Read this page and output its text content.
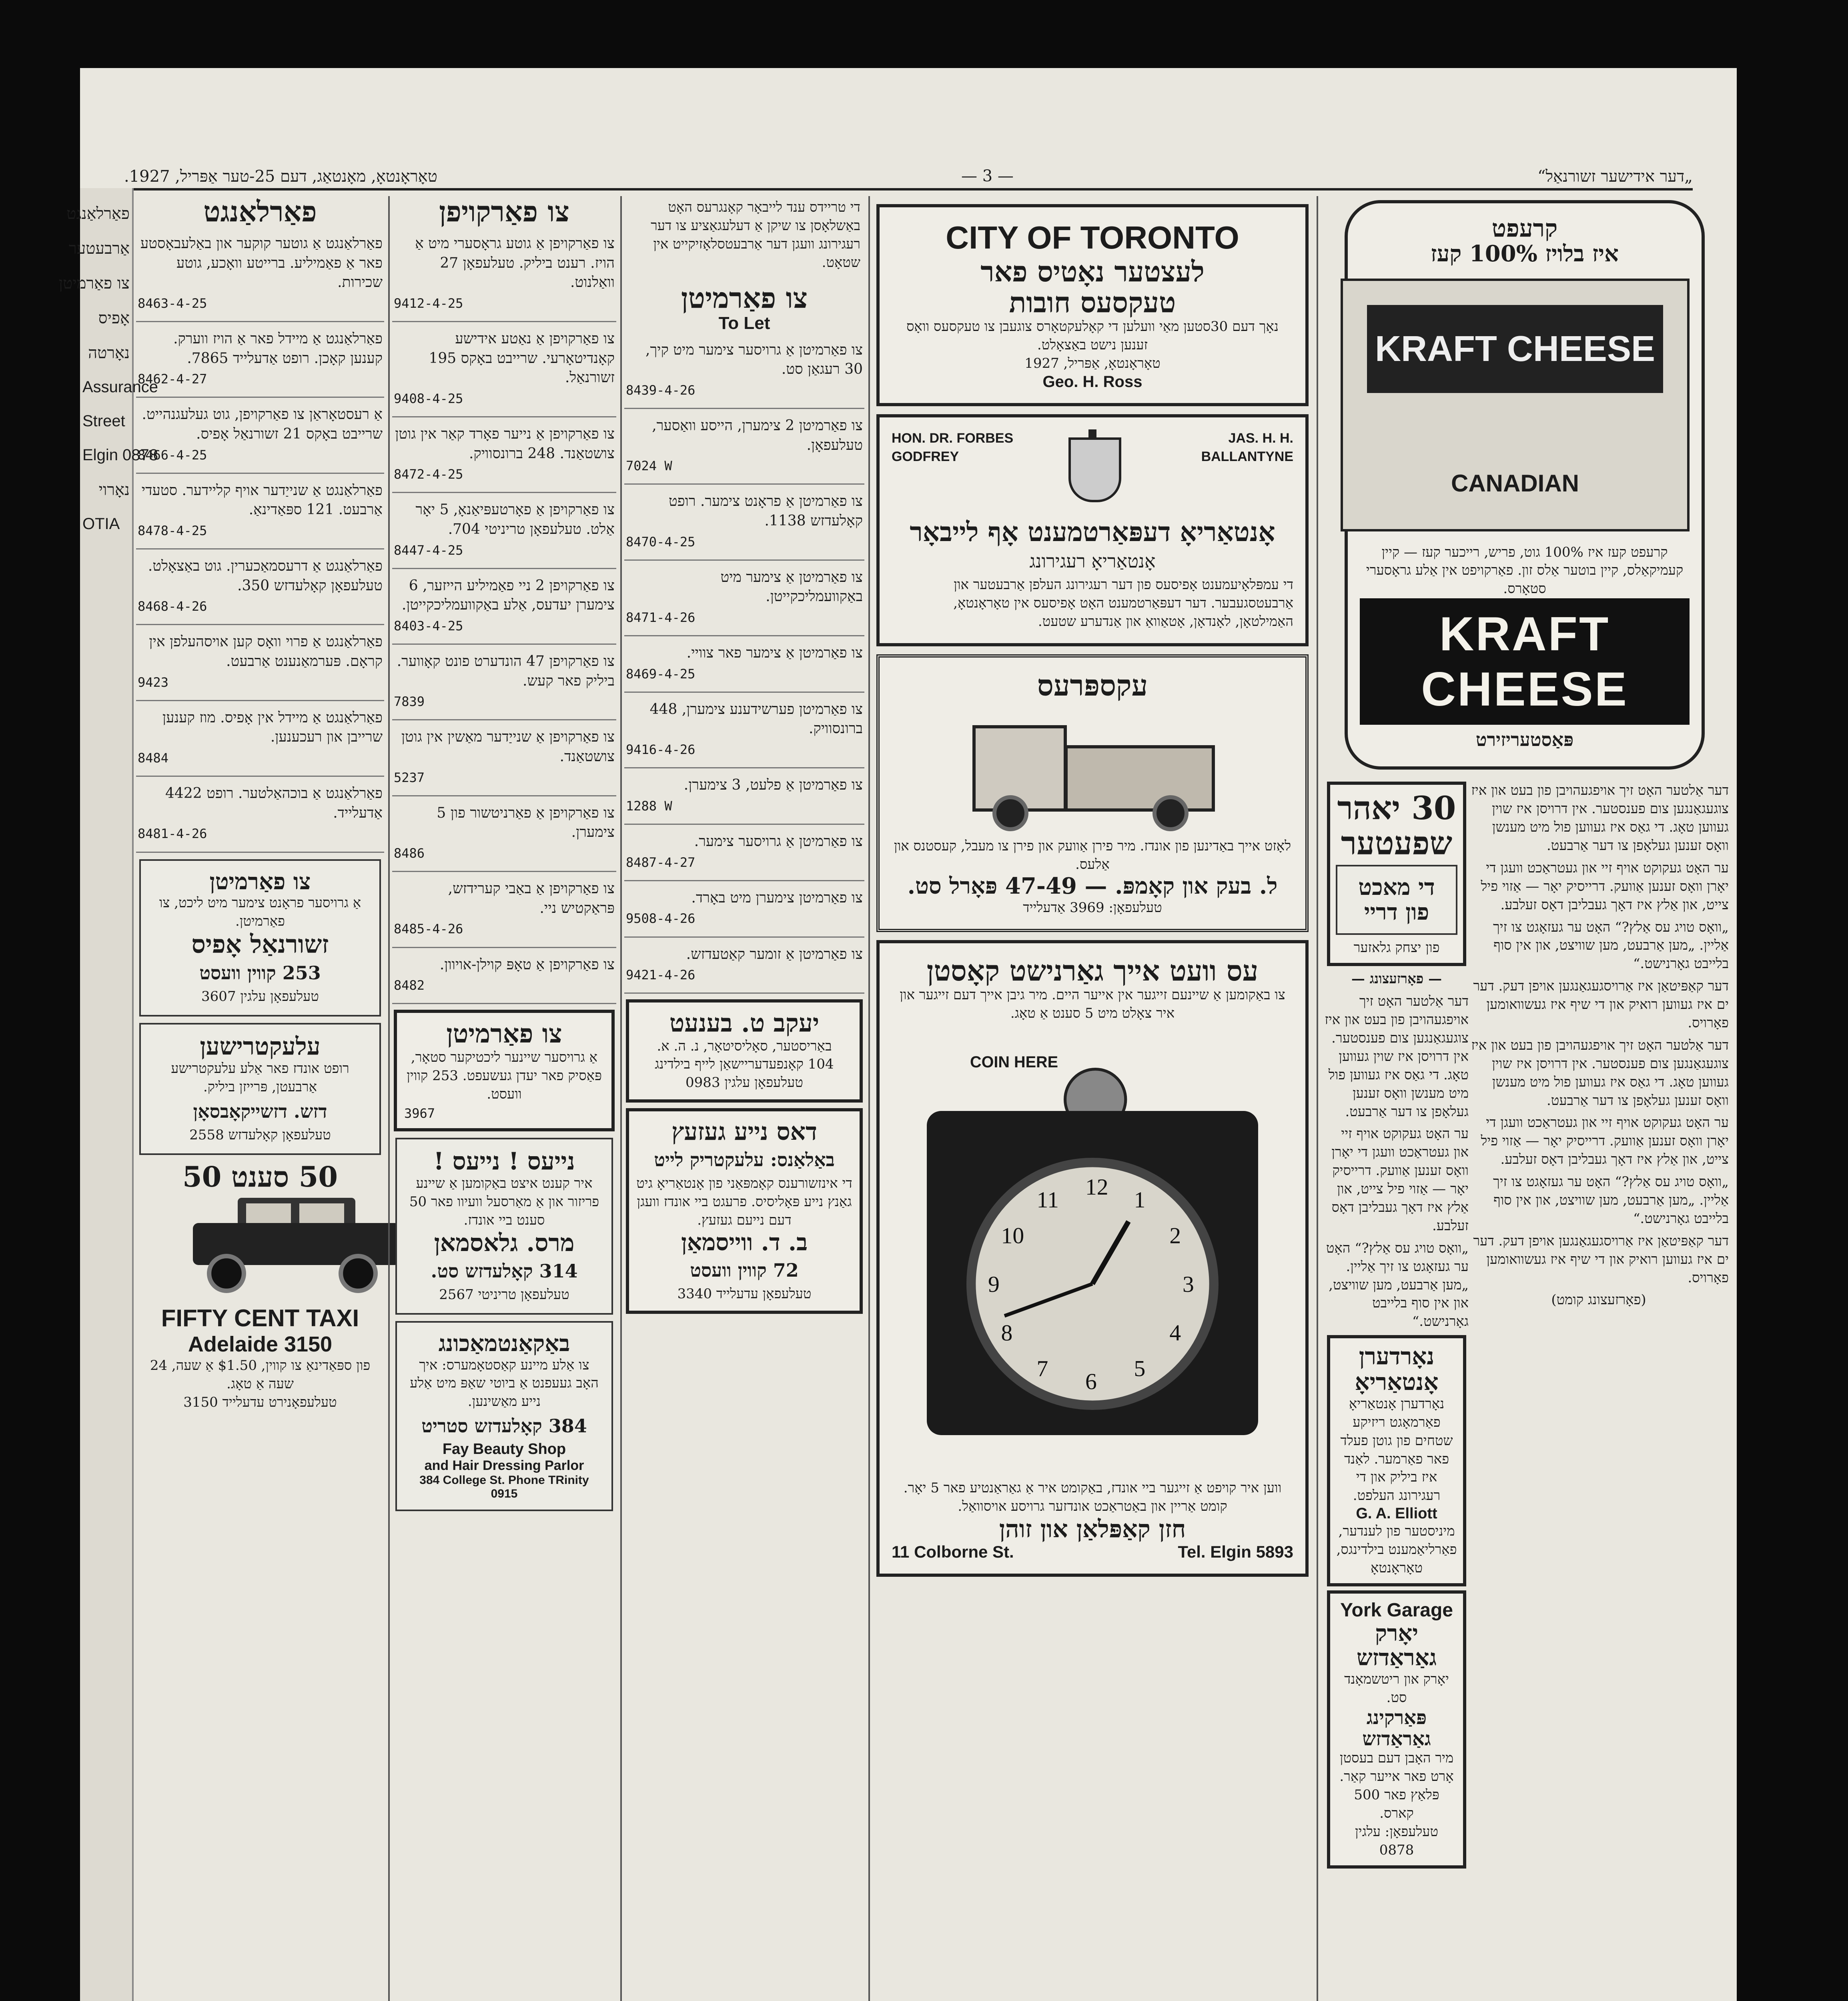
„דער אידישער זשורנאַל“
— 3 —
טאָראָנטאָ, מאָנטאַג, דעם 25-טער אַפּריל, 1927.
פאַרלאַנגט
אַרבעטער
צו פאַרמיטן
אָפיס
נאָרטה
Assurance
Street
Elgin 0878
נאָרוי
OTIA
פאַרלאַנגט
פאַרלאַנגט אַ גוטער קוקער און באַלעבאָסטע פאר אַ פאַמיליע. ברייטע וואָכע, גוטע שכירות.
8463-4-25
פאַרלאַנגט אַ מיידל פאר אַ הויז ווערק. קענען קאָכן. רופט אַדעלייד 7865.
8462-4-27
אַ רעסטאָראַן צו פאַרקויפן, גוט געלעגנהייט. שרייבט באָקס 21 זשורנאַל אָפיס.
8466-4-25
פאַרלאַנגט אַ שנייַדער אויף קליידער. סטעדי אַרבעט. 121 ספּאַדינאַ.
8478-4-25
פאַרלאַנגט אַ דרעסמאַכערין. גוט באַצאָלט. טעלעפאָן קאָלעדזש 350.
8468-4-26
פאַרלאַנגט אַ פרוי וואָס קען אויסהעלפן אין קראָם. פּערמאַנענט אַרבעט.
9423
פאַרלאַנגט אַ מיידל אין אָפיס. מוז קענען שרייבן און רעכענען.
8484
פאַרלאַנגט אַ בוכהאַלטער. רופט 4422 אַדעלייד.
8481-4-26
צו פאַרמיטן
אַ גרויסער פראָנט צימער מיט ליכט, צו פאַרמיטן.
זשורנאַל אָפיס
253 קווין וועסט
טעלעפאָן עלגין 3607
עלעקטרישען
רופט אונדז פאר אַלע עלעקטרישע אַרבעטן, פּרייזן ביליק.
דזש. דזשייקאָבסאָן
טעלעפאָן קאָלעדזש 2558
50 סענט 50
FIFTY CENT TAXI
Adelaide 3150
פון ספּאַדינאַ צו קווין, $1.50 אַ שעה, 24 שעה אַ טאָג.
טעלעפאָנירט עדעלייד 3150
צו פאַרקויפן
צו פאַרקויפן אַ גוטע גראָסערי מיט אַ הויז. רענט ביליק. טעלעפאָן 27 וואַלנוט.
9412-4-25
צו פאַרקויפן אַ נאַטע אידישע קאָנדיטאָרעי. שרייבט באָקס 195 זשורנאַל.
9408-4-25
צו פאַרקויפן אַ נייער פאָרד קאַר אין גוטן צושטאַנד. 248 ברונסוויק.
8472-4-25
צו פאַרקויפן אַ פאָרטעפּיאַנאָ, 5 יאָר אַלט. טעלעפאָן טריניטי 704.
8447-4-25
צו פאַרקויפן 2 ניי פאַמיליע הייזער, 6 צימערן יעדעס, אַלע באַקוועמליכקייטן.
8403-4-25
צו פאַרקויפן 47 הונדערט פונט קאָווער. ביליק פאר קעש.
7839
צו פאַרקויפן אַ שנייַדער מאַשין אין גוטן צושטאַנד.
5237
צו פאַרקויפן אַ פאַרניטשור פון 5 צימערן.
8486
צו פאַרקויפן אַ באַבי קערידזש, פּראַקטיש ניי.
8485-4-26
צו פאַרקויפן אַ טאָפּ קוילן-אויוון.
8482
צו פאַרמיטן
אַ גרויסער שיינער ליכטיקער סטאָר, פּאַסיק פאר יעדן געשעפט. 253 קווין וועסט.
3967
נייעס ! נייעס !
איר קענט איצט באַקומען אַ שיינע פריזור און אַ מאַרסעל וועיוו פאר 50 סענט ביי אונדז.
מרס. גלאסמאן
314 קאָלעדזש סט.
טעלעפאָן טריניטי 2567
באַקאַנטמאַכונג
צו אַלע מיינע קאַסטאָמערס: איך האָב געעפנט אַ ביוטי שאַפּ מיט אַלע נייע מאַשינען.
384 קאָלעדזש סטריט
Fay Beauty Shop
and Hair Dressing Parlor
384 College St. Phone TRinity 0915
די טריידס ענד לייבאָר קאָנגרעס האָט באַשלאָסן צו שיקן אַ דעלעגאַציע צו דער רעגירונג וועגן דער אַרבעטסלאָזיקייט אין שטאָט.
צו פאַרמיטן
To Let
צו פאַרמיטן אַ גרויסער צימער מיט קיך, 30 רעגאַן סט.
8439-4-26
צו פאַרמיטן 2 צימערן, הייסע וואַסער, טעלעפאָן.
7024 W
צו פאַרמיטן אַ פראָנט צימער. רופט קאָלעדזש 1138.
8470-4-25
צו פאַרמיטן אַ צימער מיט באַקוועמליכקייטן.
8471-4-26
צו פאַרמיטן אַ צימער פאר צוויי.
8469-4-25
צו פאַרמיטן פערשידענע צימערן, 448 ברונסוויק.
9416-4-26
צו פאַרמיטן אַ פלעט, 3 צימערן.
1288 W
צו פאַרמיטן אַ גרויסער צימער.
8487-4-27
צו פאַרמיטן צימערן מיט באָרד.
9508-4-26
צו פאַרמיטן אַ זומער קאַטעדזש.
9421-4-26
יעקב ט. בענעט
באַריסטער, סאָליסיטאָר, נ. ה. א.
104 קאָנפעדעריישאַן לייף בילדינג
טעלעפאָן עלגין 0983
דאס נייע געזעץ
באַלאַנס: עלעקטריק לייט
די אינזשורענס קאָמפּאַני פון אָנטאַריאָ גיט גאַנץ נייע פּאָליסיס. פרעגט ביי אונדז וועגן דעם נייעם געזעץ.
ב. ד. ווייסמאַן
72 קווין וועסט
טעלעפאָן עדעלייד 3340
CITY OF TORONTO
לעצטער נאָטיס פאר
טעקסעס חובות
נאָך דעם 30סטען מאַי וועלען די קאָלעקטאָרס צוגעבן צו טעקסעס וואָס זענען נישט באַצאָלט.
טאָראָנטאָ, אַפּריל, 1927
Geo. H. Ross
HON. DR. FORBES GODFREY
JAS. H. H. BALLANTYNE
אָנטאַריאָ דעפּאַרטמענט אָף לייבאָר
אָנטאַריאָ רעגירונג
די עמפּלאָיעמענט אָפיסעס פון דער רעגירונג העלפן אַרבעטער און אַרבעטסגעבער. דער דעפּאַרטמענט האָט אָפיסעס אין טאָראָנטאָ, האַמילטאָן, לאָנדאָן, אָטאַוואַ און אַנדערע שטעט.
עקספּרעס
לאָזט אייך באַדינען פון אונדז. מיר פירן אַוועק און פירן צו מעבל, קעסטנס און אַלעס.
ל. בעק און קאָמפּ. — 47-49 פּאָרל סט.
טעלעפאָן: 3969 אַדעלייד
עס וועט אייך גאַרנישט קאָסטן
צו באַקומען אַ שיינעם זייגער אין אייער היים. מיר גיבן אייך דעם זייגער און איר צאָלט מיט 5 סענט אַ טאָג.
COIN HERE
12
1
2
3
4
5
6
7
8
9
10
11
ווען איר קויפט אַ זייגער ביי אונדז, באַקומט איר אַ גאַראַנטיע פאר 5 יאָר. קומט אַריין און באַטראַכט אונדזער גרויסע אויסוואַל.
חזן קאַפּלאַן און זוהן
11 Colborne St.	Tel. Elgin 5893
קרעפט
איז בלויז 100% קעז
KRAFT CHEESE
CANADIAN
קרעפט קעז איז 100% גוט, פריש, רייכער קעז — קיין קעמיקאַלס, קיין בוטער אַלס זון. פאַרקויפט אין אַלע גראָסערי סטאָרס.
KRAFT CHEESE
פּאַסטעריזירט

דער אַלטער האָט זיך אויפגעהויבן פון בעט און איז צוגעגאַנגען צום פענסטער. אין דרויסן איז שוין געווען טאָג. די גאַס איז געווען פול מיט מענשן וואָס זענען געלאָפן צו דער אַרבעט.

ער האָט געקוקט אויף זיי און געטראַכט וועגן די יאָרן וואָס זענען אַוועק. דרייסיק יאָר — אַזוי פיל צייט, און אַלץ איז דאָך געבליבן דאָס זעלבע.

„וואָס טויג עס אַלץ?“ האָט ער געזאָגט צו זיך אַליין. „מען אַרבעט, מען שוויצט, און אין סוף בלייבט גאָרנישט.“

דער קאַפּיטאַן איז אַרויסגעגאַנגען אויפן דעק. דער ים איז געווען רואיק און די שיף איז געשוואומען פאָרויס.

דער אַלטער האָט זיך אויפגעהויבן פון בעט און איז צוגעגאַנגען צום פענסטער. אין דרויסן איז שוין געווען טאָג. די גאַס איז געווען פול מיט מענשן וואָס זענען געלאָפן צו דער אַרבעט.

ער האָט געקוקט אויף זיי און געטראַכט וועגן די יאָרן וואָס זענען אַוועק. דרייסיק יאָר — אַזוי פיל צייט, און אַלץ איז דאָך געבליבן דאָס זעלבע.

„וואָס טויג עס אַלץ?“ האָט ער געזאָגט צו זיך אַליין. „מען אַרבעט, מען שוויצט, און אין סוף בלייבט גאָרנישט.“

דער קאַפּיטאַן איז אַרויסגעגאַנגען אויפן דעק. דער ים איז געווען רואיק און די שיף איז געשוואומען פאָרויס.

(פאָרזעצונג קומט)

30 יאהר שפעטער
די מאכט
פון דריי
פון יצחק גלאזער
— פאָרזעצונג —

דער אַלטער האָט זיך אויפגעהויבן פון בעט און איז צוגעגאַנגען צום פענסטער. אין דרויסן איז שוין געווען טאָג. די גאַס איז געווען פול מיט מענשן וואָס זענען געלאָפן צו דער אַרבעט.

ער האָט געקוקט אויף זיי און געטראַכט וועגן די יאָרן וואָס זענען אַוועק. דרייסיק יאָר — אַזוי פיל צייט, און אַלץ איז דאָך געבליבן דאָס זעלבע.

„וואָס טויג עס אַלץ?“ האָט ער געזאָגט צו זיך אַליין. „מען אַרבעט, מען שוויצט, און אין סוף בלייבט גאָרנישט.“

נאָרדערן אָנטאַריאָ
נאָרדערן אָנטאַריאָ פאַרמאָגט ריזיקע שטחים פון גוטן פעלד פאר פאַרמער. לאַנד איז ביליק און די רעגירונג העלפט.
G. A. Elliott
מיניסטער פון לענדער, פאַרליאַמענט בילדינגס, טאָראָנטאָ
York Garage
יאָרק גאַראַדזש
יאָרק און ריטשמאָנד סט.
פּאַרקינג גאַראַדזש
מיר האָבן דעם בעסטן אָרט פאר אייער קאַר. פּלאַץ פאר 500 קארס.
טעלעפאָן: עלגין 0878
